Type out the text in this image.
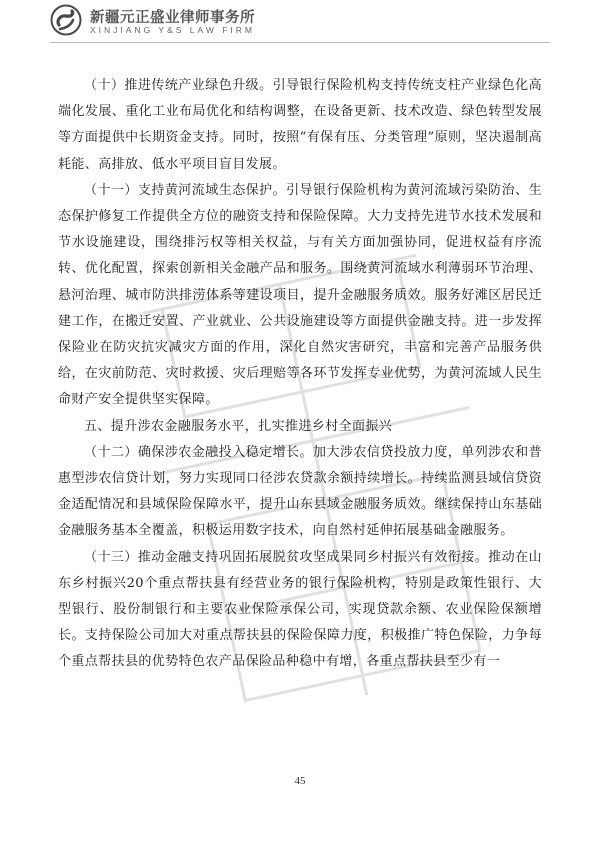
新疆元正盛业律师事务所
XINJIANG Y&S LAW FIRM

（十）推进传统产业绿色升级。引导银行保险机构支持传统支柱产业绿色化高端化发展、重化工业布局优化和结构调整，在设备更新、技术改造、绿色转型发展等方面提供中长期资金支持。同时，按照“有保有压、分类管理”原则，坚决遏制高耗能、高排放、低水平项目盲目发展。

（十一）支持黄河流域生态保护。引导银行保险机构为黄河流域污染防治、生态保护修复工作提供全方位的融资支持和保险保障。大力支持先进节水技术发展和节水设施建设，围绕排污权等相关权益，与有关方面加强协同，促进权益有序流转、优化配置，探索创新相关金融产品和服务。围绕黄河流域水利薄弱环节治理、悬河治理、城市防洪排涝体系等建设项目，提升金融服务质效。服务好滩区居民迁建工作，在搬迁安置、产业就业、公共设施建设等方面提供金融支持。进一步发挥保险业在防灾抗灾减灾方面的作用，深化自然灾害研究，丰富和完善产品服务供给，在灾前防范、灾时救援、灾后理赔等各环节发挥专业优势，为黄河流域人民生命财产安全提供坚实保障。

五、提升涉农金融服务水平，扎实推进乡村全面振兴

（十二）确保涉农金融投入稳定增长。加大涉农信贷投放力度，单列涉农和普惠型涉农信贷计划，努力实现同口径涉农贷款余额持续增长。持续监测县域信贷资金适配情况和县域保险保障水平，提升山东县域金融服务质效。继续保持山东基础金融服务基本全覆盖，积极运用数字技术，向自然村延伸拓展基础金融服务。

（十三）推动金融支持巩固拓展脱贫攻坚成果同乡村振兴有效衔接。推动在山东乡村振兴20个重点帮扶县有经营业务的银行保险机构，特别是政策性银行、大型银行、股份制银行和主要农业保险承保公司，实现贷款余额、农业保险保额增长。支持保险公司加大对重点帮扶县的保险保障力度，积极推广特色保险，力争每个重点帮扶县的优势特色农产品保险品种稳中有增，各重点帮扶县至少有一

45
